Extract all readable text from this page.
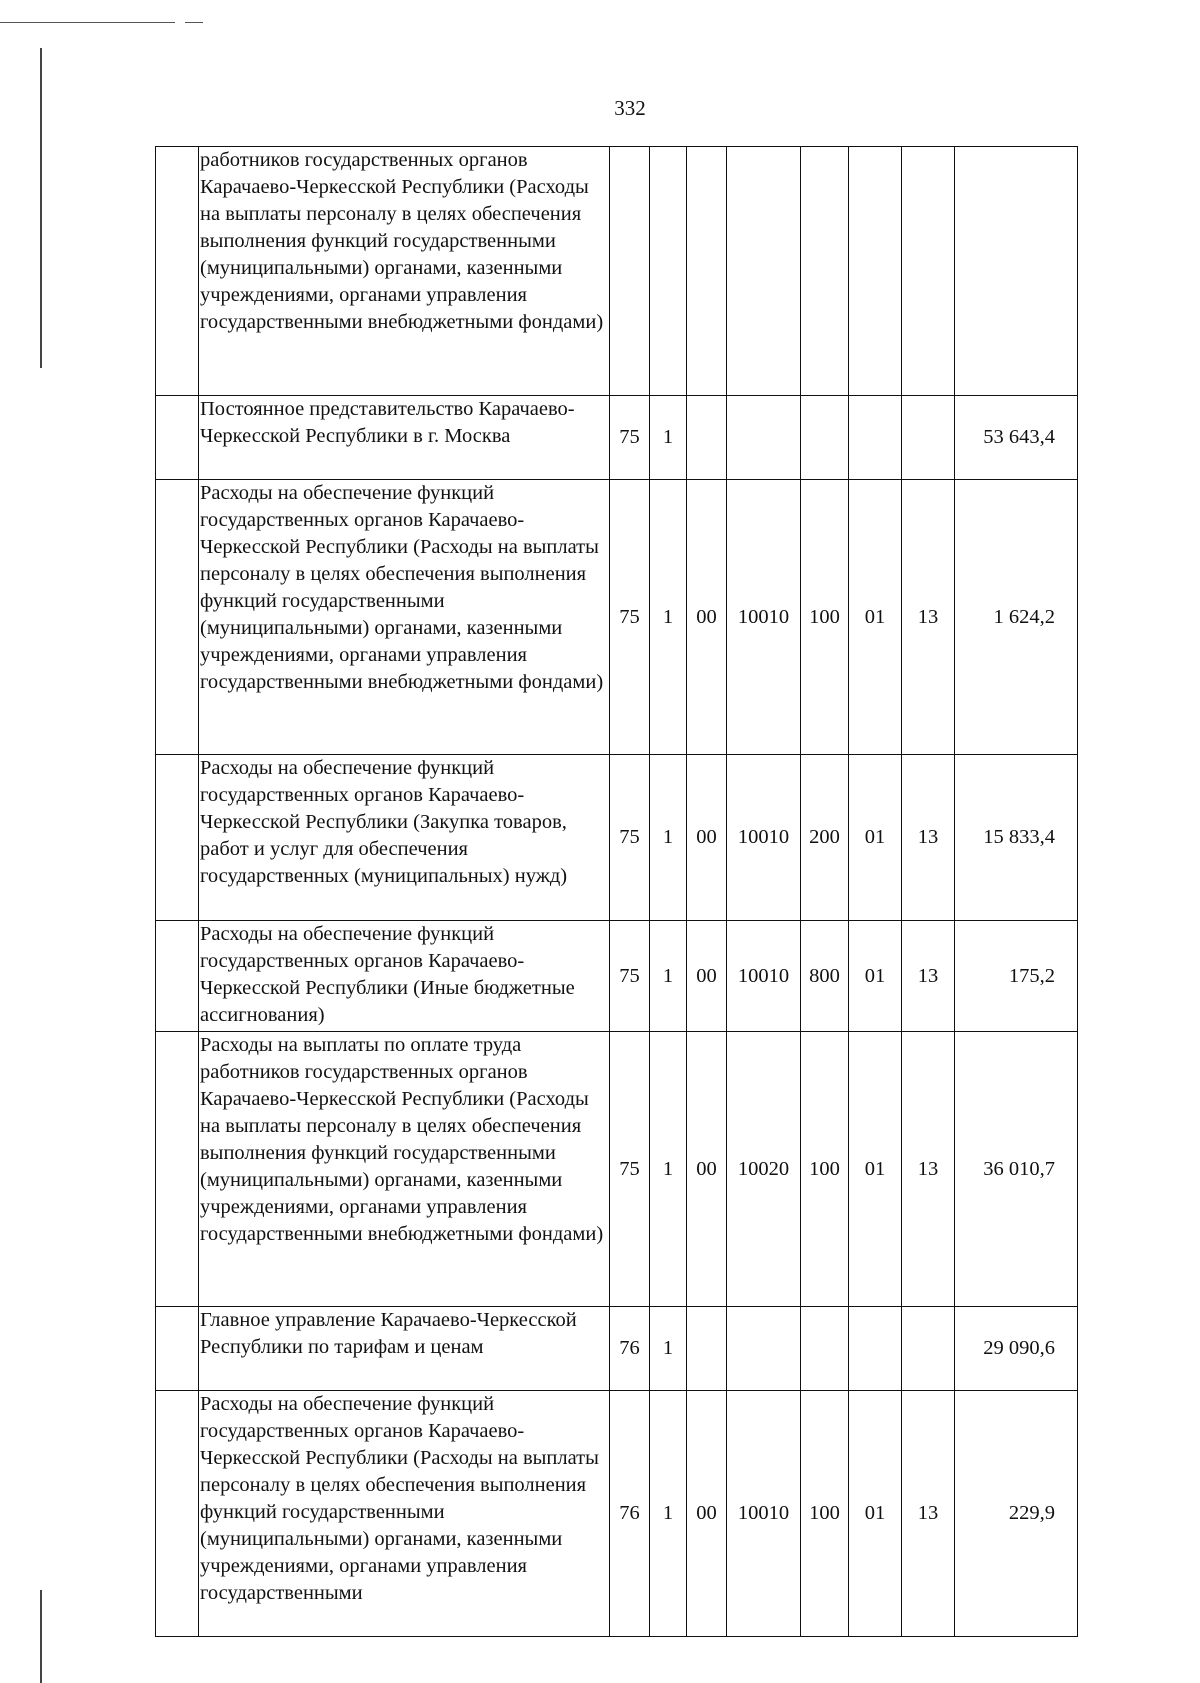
332
	работников государственных органов Карачаево-Черкесской Республики (Расходы на выплаты персоналу в целях обеспечения выполнения функций государственными (муниципальными) органами, казенными учреждениями, органами управления государственными внебюджетными фондами)								
	Постоянное представительство Карачаево-Черкесской Республики в г. Москва	75	1						53 643,4
	Расходы на обеспечение функций государственных органов Карачаево-Черкесской Республики (Расходы на выплаты персоналу в целях обеспечения выполнения функций государственными (муниципальными) органами, казенными учреждениями, органами управления государственными внебюджетными фондами)	75	1	00	10010	100	01	13	1 624,2
	Расходы на обеспечение функций государственных органов Карачаево-Черкесской Республики (Закупка товаров, работ и услуг для обеспечения государственных (муниципальных) нужд)	75	1	00	10010	200	01	13	15 833,4
	Расходы на обеспечение функций государственных органов Карачаево-Черкесской Республики (Иные бюджетные ассигнования)	75	1	00	10010	800	01	13	175,2
	Расходы на выплаты по оплате труда работников государственных органов Карачаево-Черкесской Республики (Расходы на выплаты персоналу в целях обеспечения выполнения функций государственными (муниципальными) органами, казенными учреждениями, органами управления государственными внебюджетными фондами)	75	1	00	10020	100	01	13	36 010,7
	Главное управление Карачаево-Черкесской Республики по тарифам и ценам	76	1						29 090,6
	Расходы на обеспечение функций государственных органов Карачаево-Черкесской Республики (Расходы на выплаты персоналу в целях обеспечения выполнения функций государственными (муниципальными) органами, казенными учреждениями, органами управления государственными	76	1	00	10010	100	01	13	229,9
